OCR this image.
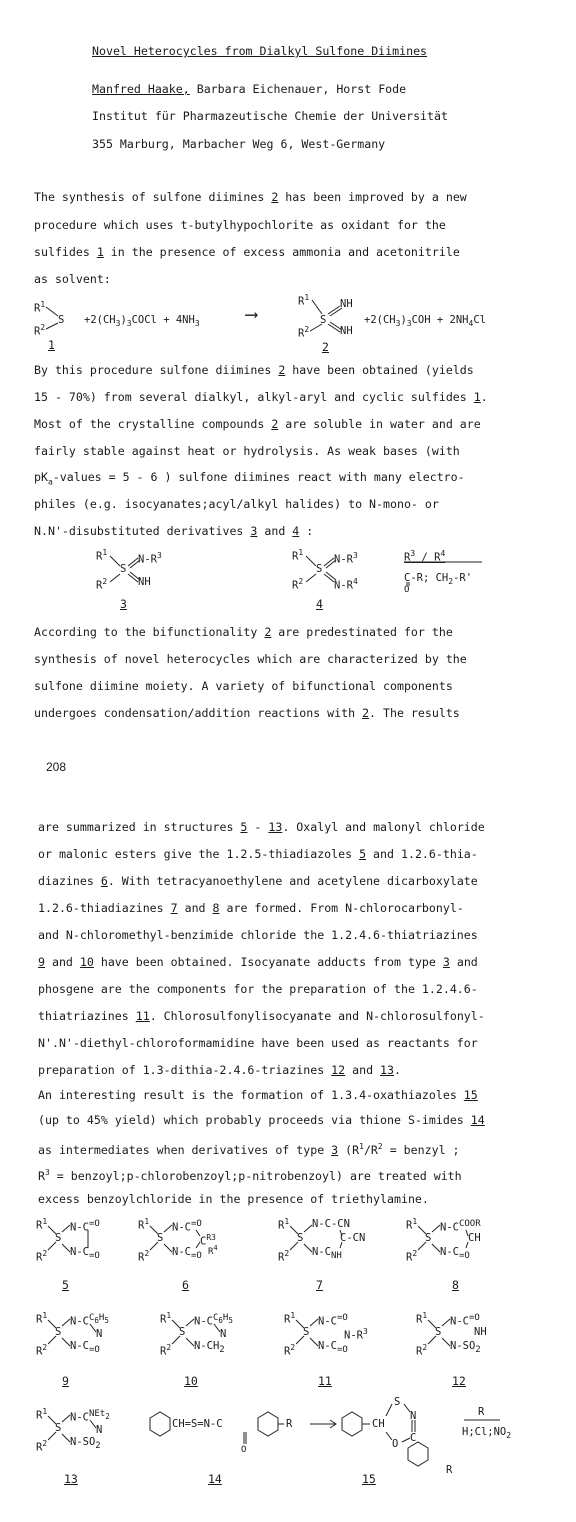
Novel Heterocycles from Dialkyl Sulfone Diimines
Manfred Haake, Barbara Eichenauer, Horst Fode
Institut für Pharmazeutische Chemie der Universität
355 Marburg, Marbacher Weg 6, West-Germany
The synthesis of sulfone diimines 2 has been improved by a new
procedure which uses t-butylhypochlorite as oxidant for the
sulfides 1 in the presence of excess ammonia and acetonitrile
as solvent:
$R^1$
S
$R^2$
$+2(CH_3)_3COCl + 4NH_3$	⟶
$R^1$
NH
S
$R^2$	NH
$+2(CH_3)_3COH + 2NH_4Cl$
1	2
By this procedure sulfone diimines 2 have been obtained (yields
15 - 70%) from several dialkyl, alkyl-aryl and cyclic sulfides 1.
Most of the crystalline compounds 2 are soluble in water and are
fairly stable against heat or hydrolysis. As weak bases (with
$pK_a$-values = 5 - 6 ) sulfone diimines react with many electro-
philes (e.g. isocyanates;acyl/alkyl halides) to N-mono- or
N.N'-disubstituted derivatives 3 and 4 :
$R^1$
$N-R^3$
S
$R^2$	NH
3
$R^1$
$N-R^3$
S
$R^2$	$N-R^4$
4
$R^3 / R^4$
C-R; $CH_2-R'$
O
According to the bifunctionality 2 are predestinated for the
synthesis of novel heterocycles which are characterized by the
sulfone diimine moiety. A variety of bifunctional components
undergoes condensation/addition reactions with 2. The results
208
are summarized in structures 5 - 13. Oxalyl and malonyl chloride
or malonic esters give the 1.2.5-thiadiazoles 5 and 1.2.6-thia-
diazines 6. With tetracyanoethylene and acetylene dicarboxylate
1.2.6-thiadiazines 7 and 8 are formed. From N-chlorocarbonyl-
and N-chloromethyl-benzimide chloride the 1.2.4.6-thiatriazines
9 and 10 have been obtained. Isocyanate adducts from type 3 and
phosgene are the components for the preparation of the 1.2.4.6-
thiatriazines 11. Chlorosulfonylisocyanate and N-chlorosulfonyl-
N'.N'-diethyl-chloroformamidine have been used as reactants for
preparation of 1.3-dithia-2.4.6-triazines 12 and 13.
An interesting result is the formation of 1.3.4-oxathiazoles 15
(up to 45% yield) which probably proceeds via thione S-imides 14
as intermediates when derivatives of type 3 ($R^1/R^2$ = benzyl ;
$R^3$ = benzoyl;p-chlorobenzoyl;p-nitrobenzoyl) are treated with
excess benzoylchloride in the presence of triethylamine.
$R^1$
S
$R^2$
$N-C^{=O}$
$N-C_{=O}$
5
$R^1$
S
$R^2$
$N-C^{=O}$
$C^{R3}$
$R^4$
$N-C_{=O}$
6
$R^1$
S
$R^2$
N-C-CN
C-CN
$N-C_{NH}$
7
$R^1$
S
$R^2$
$N-C^{COOR}$
CH
$N-C_{=O}$
8
$R^1$
S
$R^2$
$N-C^{C_6H_5}$
N
$N-C_{=O}$
9
$R^1$
S
$R^2$
$N-C^{C_6H_5}$
N
$N-CH_2$
10
$R^1$
S
$R^2$
$N-C^{=O}$
$N-R^3$
$N-C_{=O}$
11
$R^1$
S
$R^2$
$N-C^{=O}$
NH
$N-SO_2$
12
$R^1$
S
$R^2$
$N-C^{NEt_2}$
N
$N-SO_2$
13
CH=S=N-C
O
R
14
S
N
CH
C
O
R
15
R
$H;Cl;NO_2$
